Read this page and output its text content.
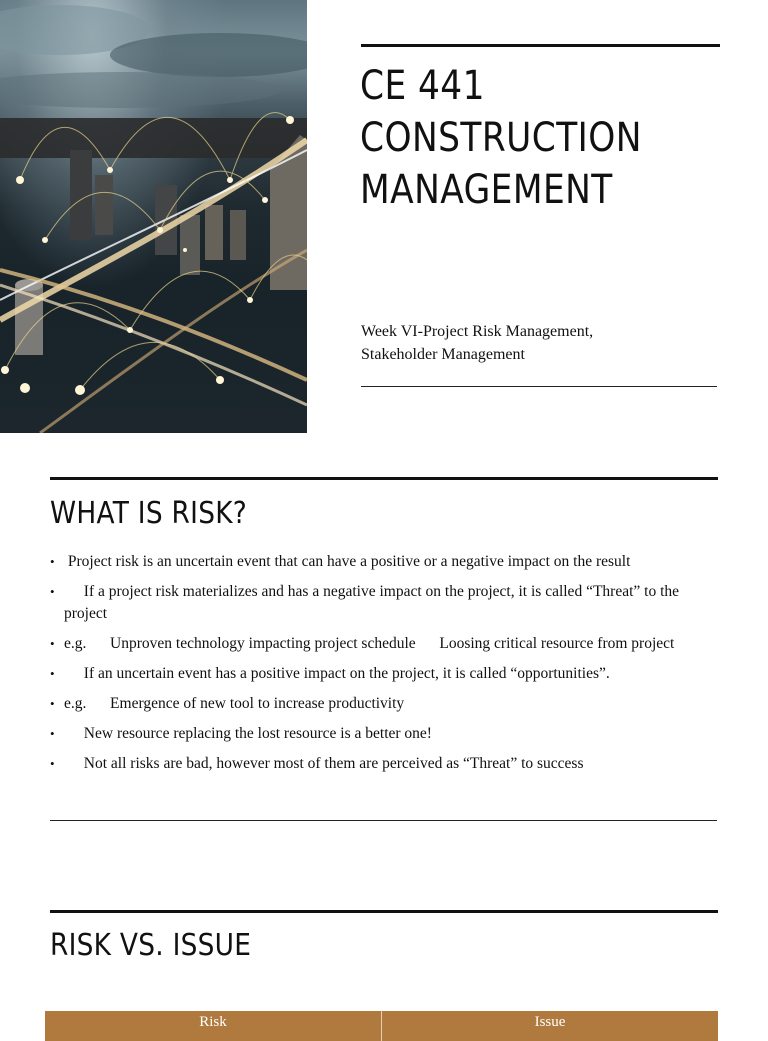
CE 441
CONSTRUCTION
MANAGEMENT
Week VI-Project Risk Management,
Stakeholder Management
WHAT IS RISK?
• Project risk is an uncertain event that can have a positive or a negative impact on the result
• If a project risk materializes and has a negative impact on the project, it is called “Threat” to the project
• e.g.    Unproven technology impacting project schedule    Loosing critical resource from project
• If an uncertain event has a positive impact on the project, it is called “opportunities”.
• e.g.    Emergence of new tool to increase productivity
• New resource replacing the lost resource is a better one!
• Not all risks are bad, however most of them are perceived as “Threat” to success
RISK VS. ISSUE
Risk	Issue
